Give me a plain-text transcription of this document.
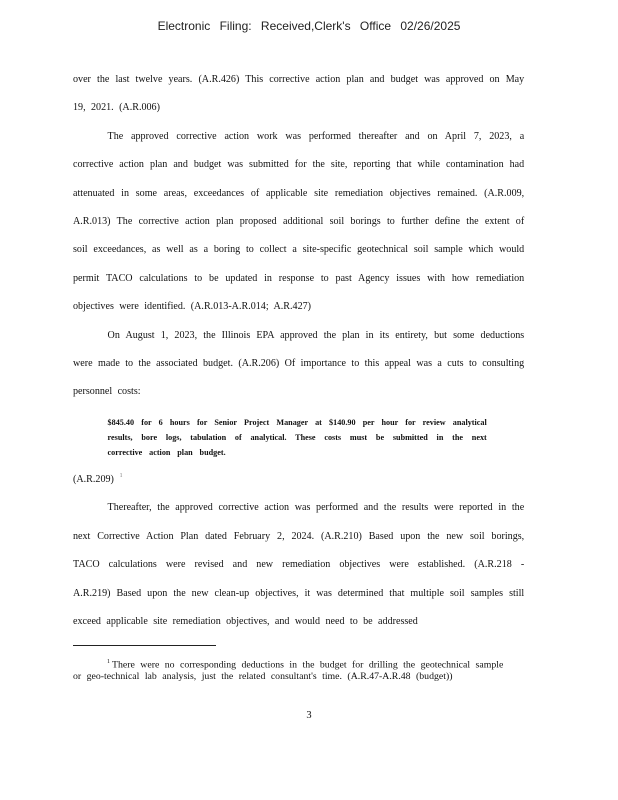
Electronic Filing: Received,Clerk's Office 02/26/2025

over the last twelve years. (A.R.426) This corrective action plan and budget was approved on May 19, 2021. (A.R.006)

The approved corrective action work was performed thereafter and on April 7, 2023, a corrective action plan and budget was submitted for the site, reporting that while contamination had attenuated in some areas, exceedances of applicable site remediation objectives remained. (A.R.009, A.R.013) The corrective action plan proposed additional soil borings to further define the extent of soil exceedances, as well as a boring to collect a site-specific geotechnical soil sample which would permit TACO calculations to be updated in response to past Agency issues with how remediation objectives were identified. (A.R.013-A.R.014; A.R.427)

On August 1, 2023, the Illinois EPA approved the plan in its entirety, but some deductions were made to the associated budget. (A.R.206) Of importance to this appeal was a cuts to consulting personnel costs:

$845.40 for 6 hours for Senior Project Manager at $140.90 per hour for review analytical results, bore logs, tabulation of analytical. These costs must be submitted in the next corrective action plan budget.

(A.R.209) $^1$

Thereafter, the approved corrective action was performed and the results were reported in the next Corrective Action Plan dated February 2, 2024. (A.R.210) Based upon the new soil borings, TACO calculations were revised and new remediation objectives were established. (A.R.218 - A.R.219) Based upon the new clean-up objectives, it was determined that multiple soil samples still exceed applicable site remediation objectives, and would need to be addressed

$^1$ There were no corresponding deductions in the budget for drilling the geotechnical sample or geo-technical lab analysis, just the related consultant's time. (A.R.47-A.R.48 (budget))
3
